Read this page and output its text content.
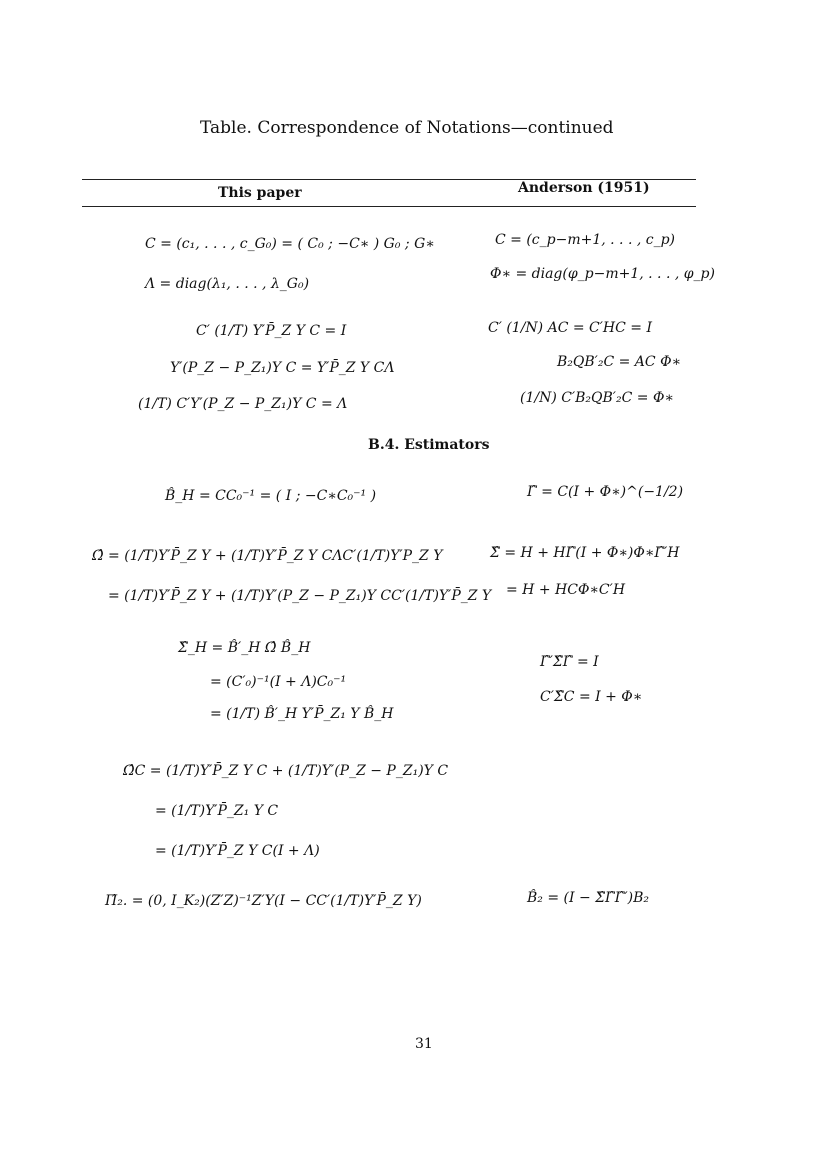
Table. Correspondence of Notations—continued
This paper	Anderson (1951)
C = (c₁, . . . , c_G₀) = ( C₀ ; −C∗ ) G₀ ; G∗
Λ = diag(λ₁, . . . , λ_G₀)
C′ (1/T) Y′P̄_Z Y C = I
Y′(P_Z − P_Z₁)Y C = Y′P̄_Z Y CΛ
(1/T) C′Y′(P_Z − P_Z₁)Y C = Λ
B.4. Estimators
B̂_H = CC₀⁻¹ = ( I ; −C∗C₀⁻¹ )
Ω̂ = (1/T)Y′P̄_Z Y + (1/T)Y′P̄_Z Y CΛC′(1/T)Y′P_Z Y
= (1/T)Y′P̄_Z Y + (1/T)Y′(P_Z − P_Z₁)Y CC′(1/T)Y′P̄_Z Y
Σ̂_H = B̂′_H Ω̂ B̂_H
= (C′₀)⁻¹(I + Λ)C₀⁻¹
= (1/T) B̂′_H Y′P̄_Z₁ Y B̂_H
Ω̂C = (1/T)Y′P̄_Z Y C + (1/T)Y′(P_Z − P_Z₁)Y C
= (1/T)Y′P̄_Z₁ Y C
= (1/T)Y′P̄_Z Y C(I + Λ)
Π̂₂. = (0, I_K₂)(Z′Z)⁻¹Z′Y(I − CC′(1/T)Y′P̄_Z Y)
C = (c_p−m+1, . . . , c_p)
Φ∗ = diag(φ_p−m+1, . . . , φ_p)
C′ (1/N) AC = C′HC = I
B₂QB′₂C = AC Φ∗
(1/N) C′B₂QB′₂C = Φ∗
Γ̂ = C(I + Φ∗)^(−1/2)
Σ̂ = H + HΓ̂(I + Φ∗)Φ∗Γ̂′H
= H + HCΦ∗C′H
Γ̂′Σ̂Γ̂ = I
C′Σ̂C = I + Φ∗
B̂₂ = (I − Σ̂Γ̂Γ̂′)B₂
31
